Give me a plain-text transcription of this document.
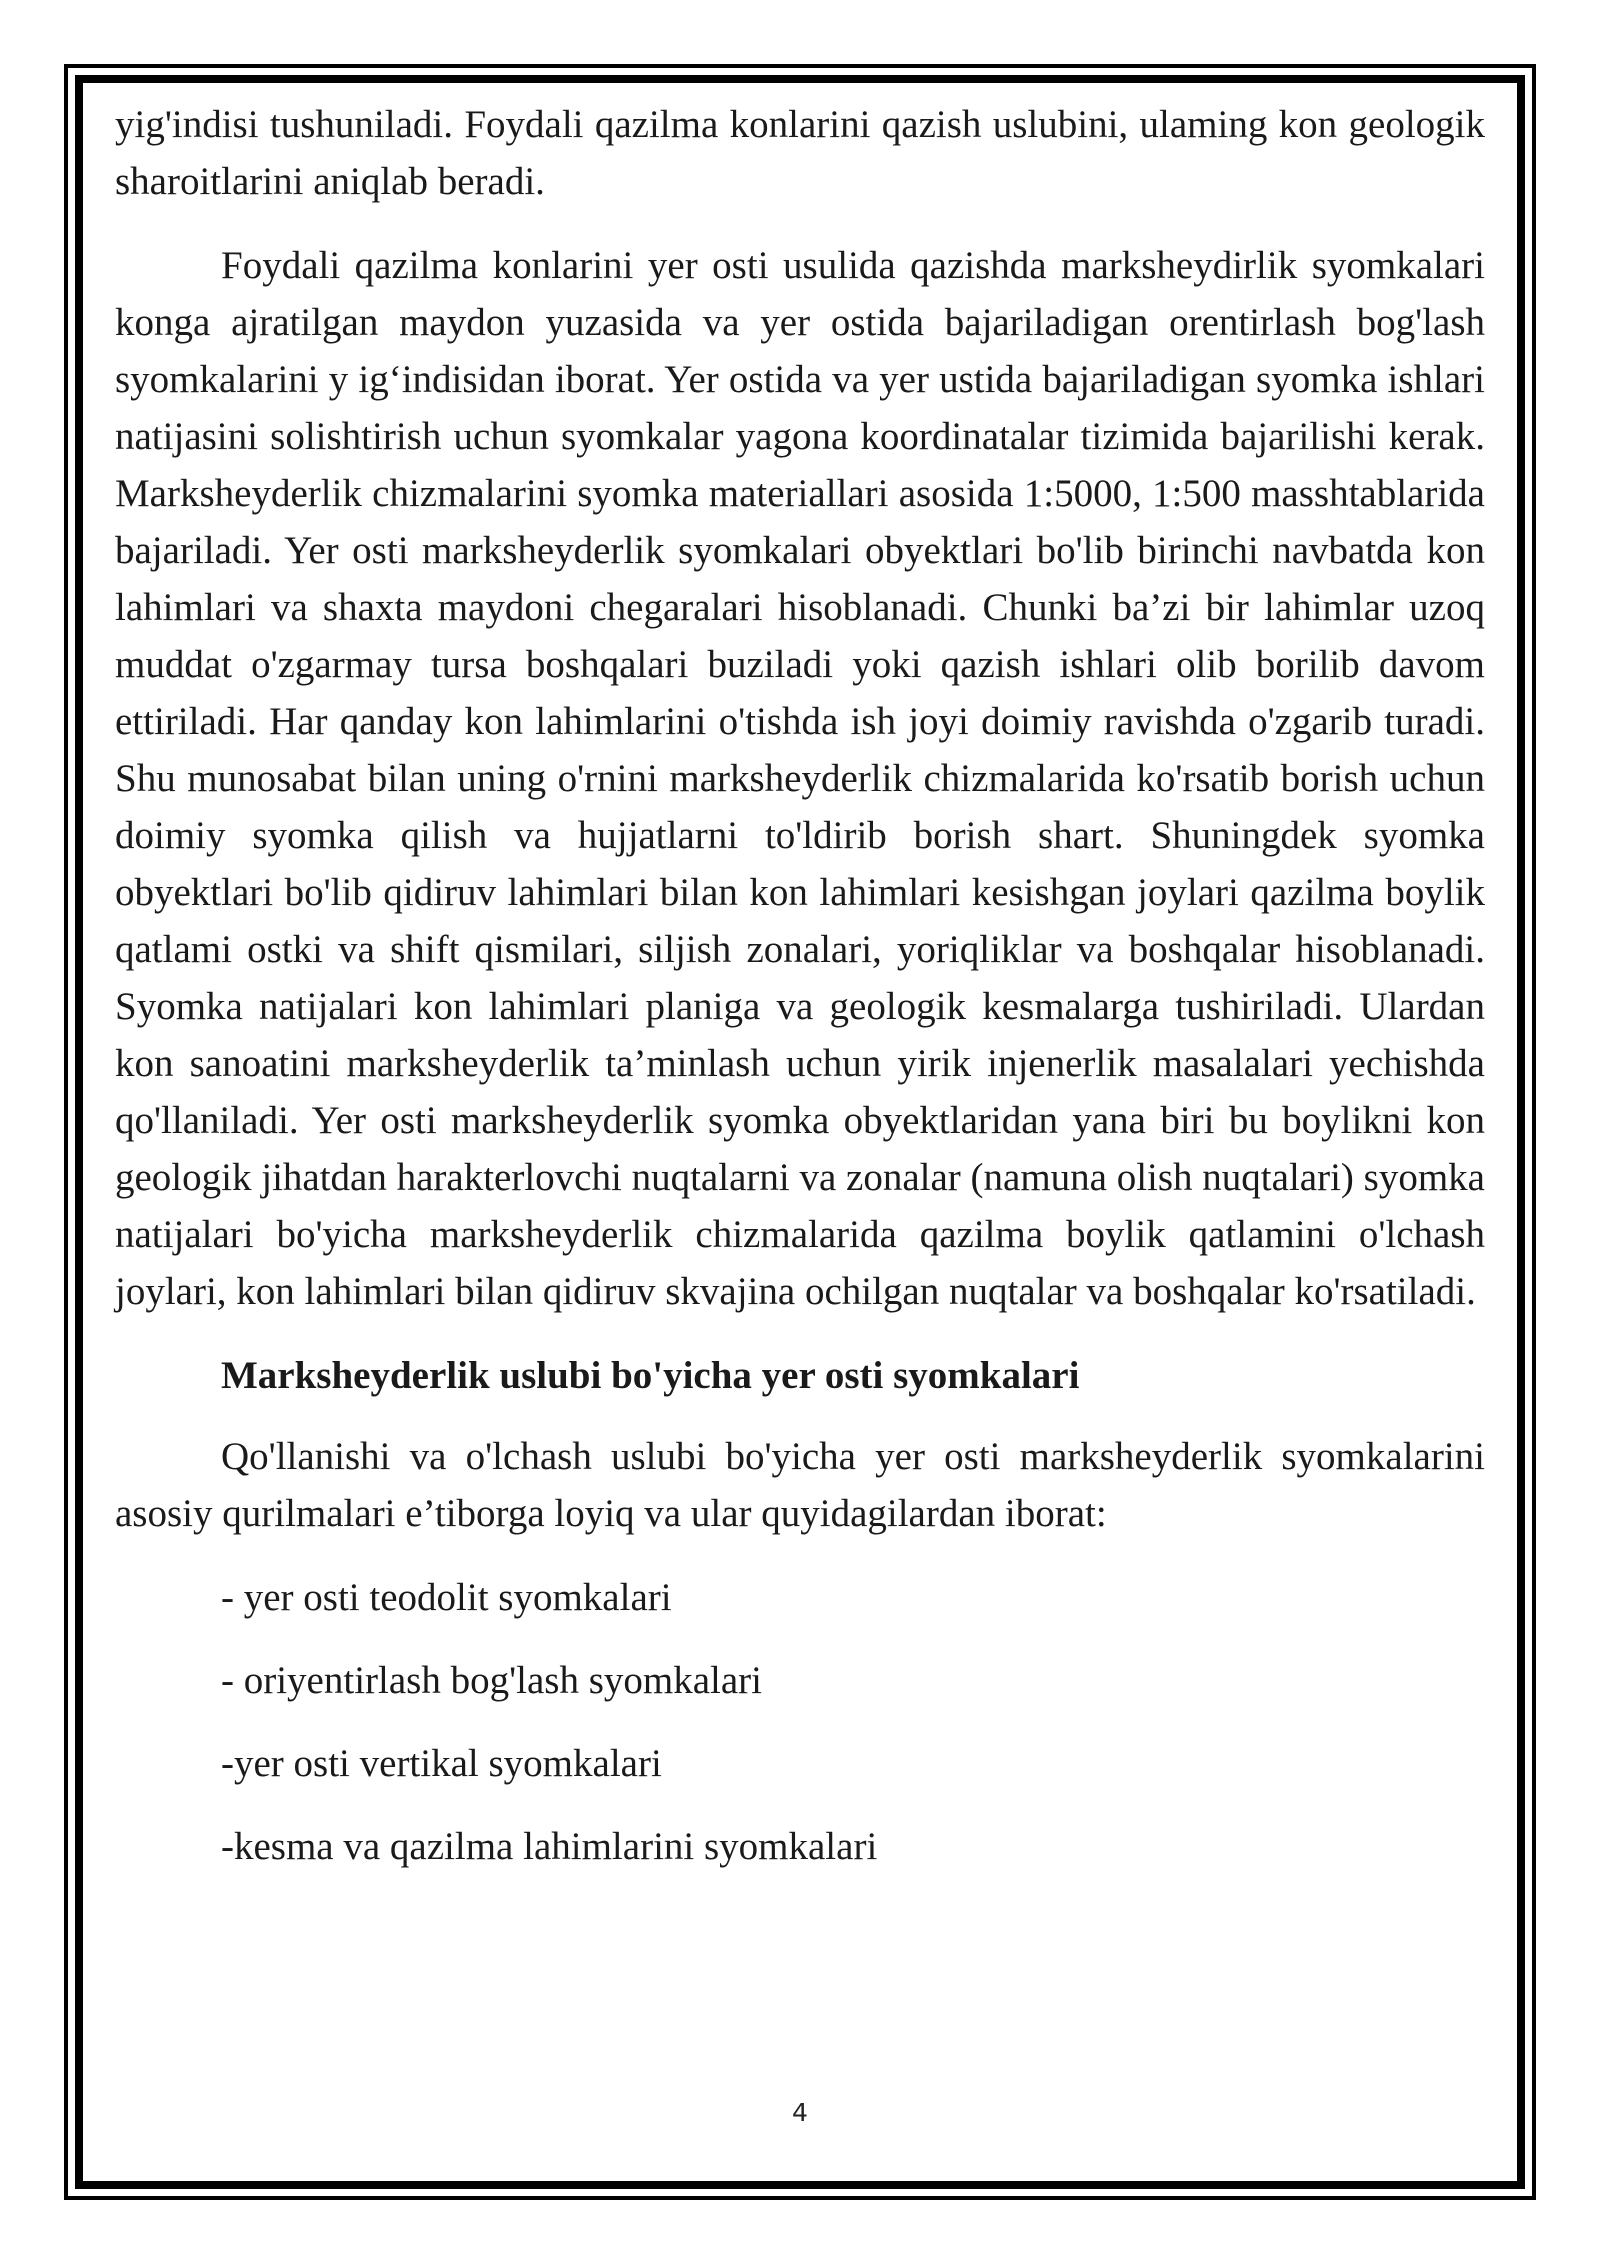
yig'indisi tushuniladi. Foydali qazilma konlarini qazish uslubini, ulaming kon geologik sharoitlarini aniqlab beradi.

Foydali qazilma konlarini yer osti usulida qazishda marksheydirlik syomkalari konga ajratilgan maydon yuzasida va yer ostida bajariladigan orentirlash bog'lash syomkalarini y ig‘indisidan iborat. Yer ostida va yer ustida bajariladigan syomka ishlari natijasini solishtirish uchun syomkalar yagona koordinatalar tizimida bajarilishi kerak. Marksheyderlik chizmalarini syomka materiallari asosida 1:5000, 1:500 masshtablarida bajariladi. Yer osti marksheyderlik syomkalari obyektlari bo'lib birinchi navbatda kon lahimlari va shaxta maydoni chegaralari hisoblanadi. Chunki ba’zi bir lahimlar uzoq muddat o'zgarmay tursa boshqalari buziladi yoki qazish ishlari olib borilib davom ettiriladi. Har qanday kon lahimlarini o'tishda ish joyi doimiy ravishda o'zgarib turadi. Shu munosabat bilan uning o'rnini marksheyderlik chizmalarida ko'rsatib borish uchun doimiy syomka qilish va hujjatlarni to'ldirib borish shart. Shuningdek syomka obyektlari bo'lib qidiruv lahimlari bilan kon lahimlari kesishgan joylari qazilma boylik qatlami ostki va shift qismilari, siljish zonalari, yoriqliklar va boshqalar hisoblanadi. Syomka natijalari kon lahimlari planiga va geologik kesmalarga tushiriladi. Ulardan kon sanoatini marksheyderlik ta’minlash uchun yirik injenerlik masalalari yechishda qo'llaniladi. Yer osti marksheyderlik syomka obyektlaridan yana biri bu boylikni kon geologik jihatdan harakterlovchi nuqtalarni va zonalar (namuna olish nuqtalari) syomka natijalari bo'yicha marksheyderlik chizmalarida qazilma boylik qatlamini o'lchash joylari, kon lahimlari bilan qidiruv skvajina ochilgan nuqtalar va boshqalar ko'rsatiladi.

Marksheyderlik uslubi bo'yicha yer osti syomkalari

Qo'llanishi va o'lchash uslubi bo'yicha yer osti marksheyderlik syomkalarini asosiy qurilmalari e’tiborga loyiq va ular quyidagilardan iborat:

- yer osti teodolit syomkalari

- oriyentirlash bog'lash syomkalari

-yer osti vertikal syomkalari

-kesma va qazilma lahimlarini syomkalari

4
